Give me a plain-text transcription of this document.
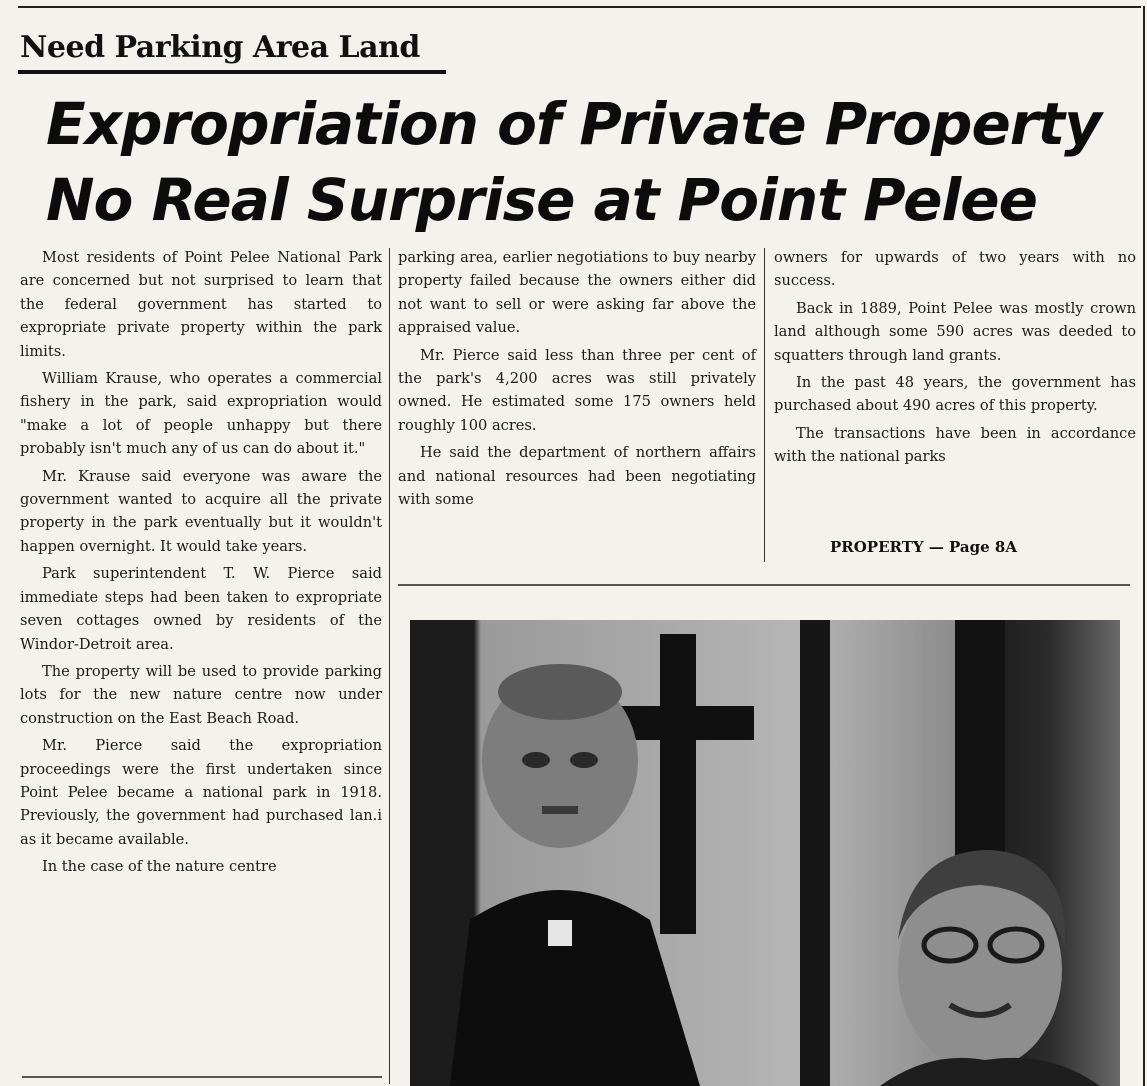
Need Parking Area Land
Expropriation of Private Property
No Real Surprise at Point Pelee

Most residents of Point Pelee National Park are concerned but not surprised to learn that the federal government has started to expropriate private property within the park limits.

William Krause, who operates a commercial fishery in the park, said expropriation would "make a lot of people unhappy but there probably isn't much any of us can do about it."

Mr. Krause said everyone was aware the government wanted to acquire all the private property in the park eventually but it wouldn't happen overnight. It would take years.

Park superintendent T. W. Pierce said immediate steps had been taken to expropriate seven cottages owned by residents of the Windor-Detroit area.

The property will be used to provide parking lots for the new nature centre now under construction on the East Beach Road.

Mr. Pierce said the expropriation proceedings were the first undertaken since Point Pelee became a national park in 1918. Previously, the government had purchased lan.i as it became available.

In the case of the nature centre

parking area, earlier negotiations to buy nearby property failed because the owners either did not want to sell or were asking far above the appraised value.

Mr. Pierce said less than three per cent of the park's 4,200 acres was still privately owned. He estimated some 175 owners held roughly 100 acres.

He said the department of northern affairs and national resources had been negotiating with some

owners for upwards of two years with no success.

Back in 1889, Point Pelee was mostly crown land although some 590 acres was deeded to squatters through land grants.

In the past 48 years, the government has purchased about 490 acres of this property.

The transactions have been in accordance with the national parks

PROPERTY — Page 8A
